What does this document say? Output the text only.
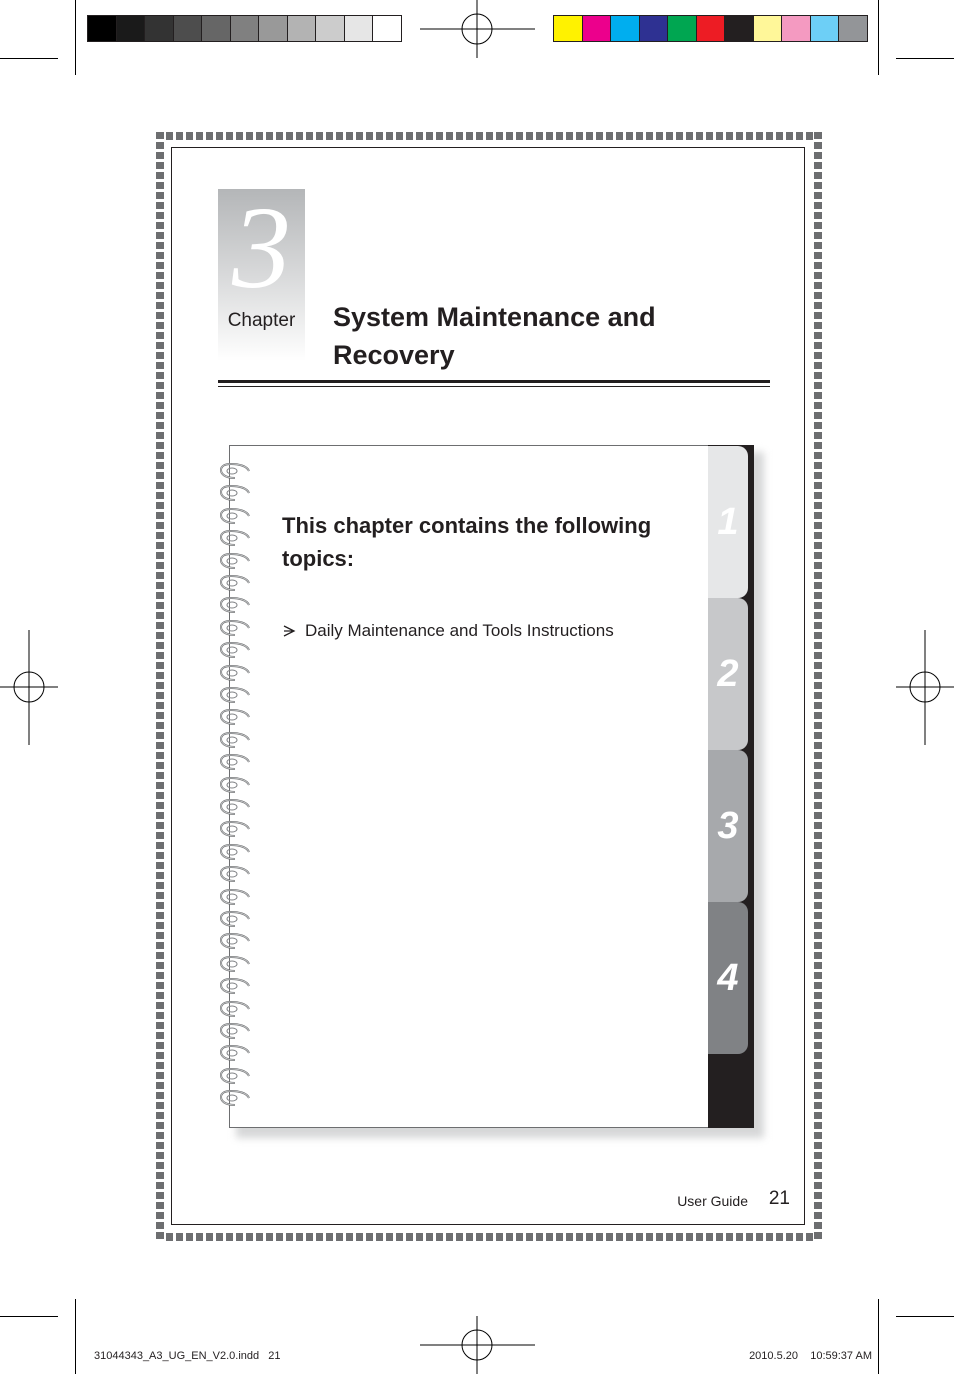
3
Chapter	System Maintenance and
Recovery
1
2
3
4
This chapter contains the following
topics:
Daily Maintenance and Tools Instructions
User Guide	21
31044343_A3_UG_EN_V2.0.indd   21	2010.5.20    10:59:37 AM
